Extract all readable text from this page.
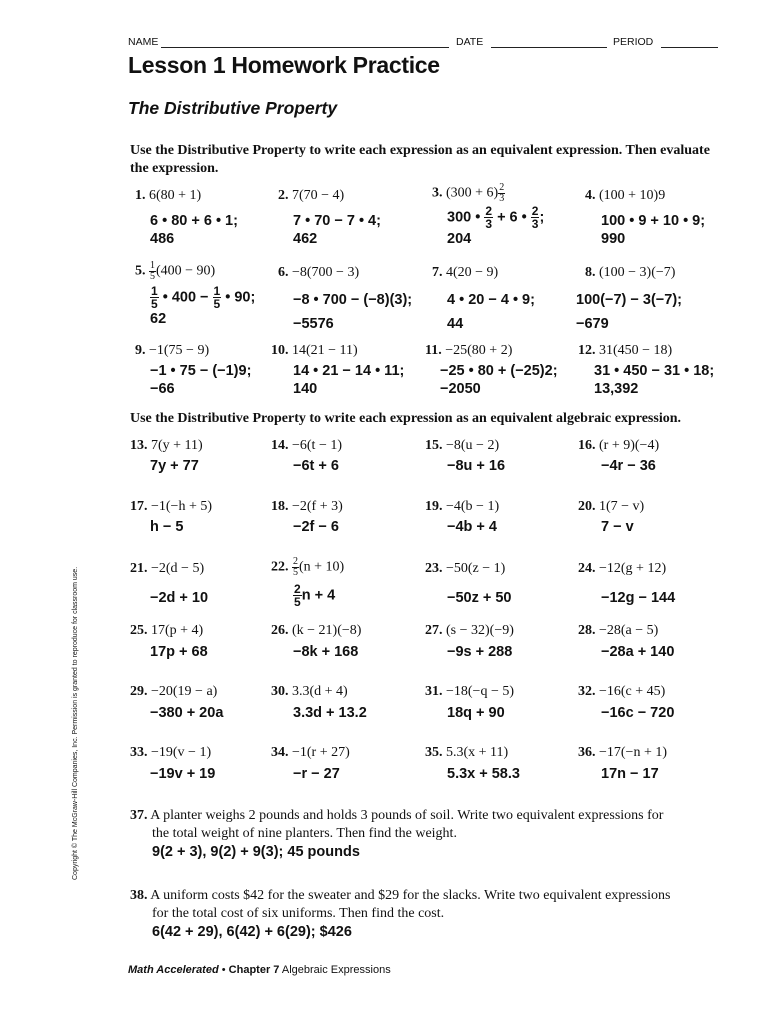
NAME	DATE	PERIOD
Lesson 1 Homework Practice
The Distributive Property
Use the Distributive Property to write each expression as an equivalent expression. Then evaluate the expression.
1. 6(80 + 1)
6 • 80 + 6 • 1;
486
2. 7(70 − 4)
7 • 70 − 7 • 4;
462
3. $(300 + 6) \frac{2}{3}$
300 • $\frac{2}{3} + 6$ • $\frac{2}{3}$ ;
204
4. (100 + 10)9
100 • 9 + 10 • 9;
990
5. $\frac{1}{5} (400 - 90)$
$\frac{1}{5}$ • $400 - \frac{1}{5}$ • 90;
62
6. −8(700 − 3)
−8 • 700 − (−8)(3);
−5576
7. 4(20 − 9)
4 • 20 − 4 • 9;
44
8. (100 − 3)(−7)
100(−7) − 3(−7);
−679
9. −1(75 − 9)
−1 • 75 − (−1)9;
−66
10. 14(21 − 11)
14 • 21 − 14 • 11;
140
11. −25(80 + 2)
−25 • 80 + (−25)2;
−2050
12. 31(450 − 18)
31 • 450 − 31 • 18;
13,392
Use the Distributive Property to write each expression as an equivalent algebraic expression.
13. 7(y + 11)
7y + 77
14. −6(t − 1)
−6t + 6
15. −8(u − 2)
−8u + 16
16. (r + 9)(−4)
−4r − 36
17. −1(−h + 5)
h − 5
18. −2(f + 3)
−2f − 6
19. −4(b − 1)
−4b + 4
20. 1(7 − v)
7 − v
21. −2(d − 5)
−2d + 10
22. $\frac{2}{5} (n + 10)$
$\frac{2}{5}$ n + 4
23. −50(z − 1)
−50z + 50
24. −12(g + 12)
−12g − 144
25. 17(p + 4)
17p + 68
26. (k − 21)(−8)
−8k + 168
27. (s − 32)(−9)
−9s + 288
28. −28(a − 5)
−28a + 140
29. −20(19 − a)
−380 + 20a
30. 3.3(d + 4)
3.3d + 13.2
31. −18(−q − 5)
18q + 90
32. −16(c + 45)
−16c − 720
33. −19(v − 1)
−19v + 19
34. −1(r + 27)
−r − 27
35. 5.3(x + 11)
5.3x + 58.3
36. −17(−n + 1)
17n − 17
37. A planter weighs 2 pounds and holds 3 pounds of soil. Write two equivalent expressions for
the total weight of nine planters. Then find the weight.
9(2 + 3), 9(2) + 9(3); 45 pounds
38. A uniform costs $42 for the sweater and $29 for the slacks. Write two equivalent expressions
for the total cost of six uniforms. Then find the cost.
6(42 + 29), 6(42) + 6(29); $426
Copyright © The McGraw-Hill Companies, Inc. Permission is granted to reproduce for classroom use.
Math Accelerated • Chapter 7 Algebraic Expressions
